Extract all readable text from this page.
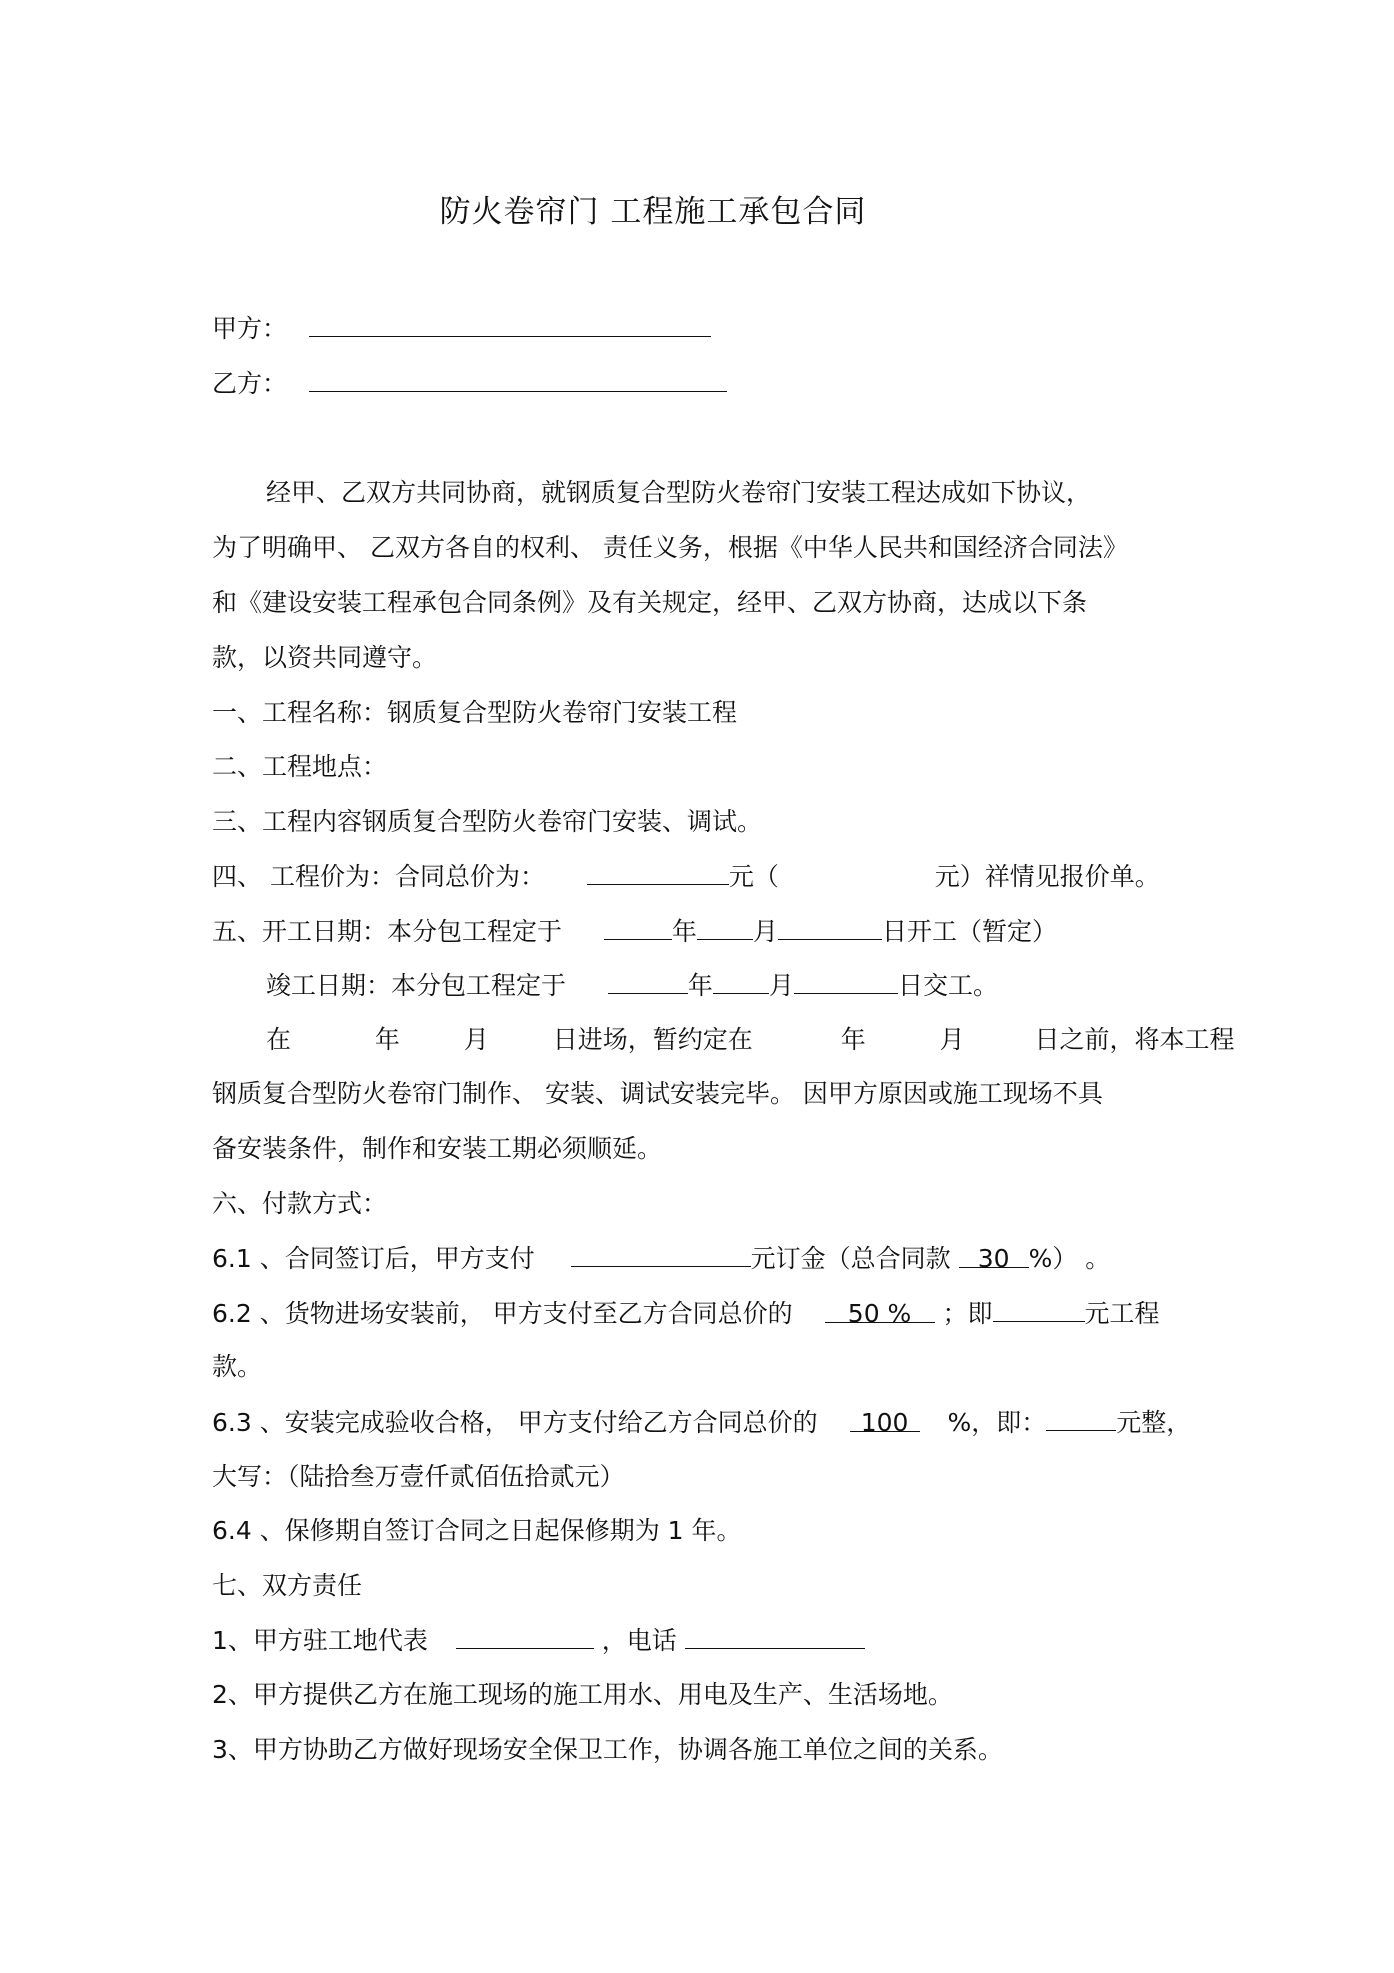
防火卷帘门 工程施工承包合同
甲方：
乙方：
经甲、乙双方共同协商，就钢质复合型防火卷帘门安装工程达成如下协议，
为了明确甲、 乙双方各自的权利、 责任义务，根据《中华人民共和国经济合同法》
和《建设安装工程承包合同条例》及有关规定，经甲、乙双方协商，达成以下条
款，以资共同遵守。
一、工程名称：钢质复合型防火卷帘门安装工程
二、工程地点：
三、工程内容钢质复合型防火卷帘门安装、调试。
四、 工程价为：合同总价为：	元（	元）祥情见报价单。
五、开工日期：本分包工程定于	年 月	日开工（暂定）
竣工日期：本分包工程定于	年 月	日交工。
在	年	月	日进场，暂约定在	年	月	日之前，将本工程
钢质复合型防火卷帘门制作、 安装、调试安装完毕。 因甲方原因或施工现场不具
备安装条件，制作和安装工期必须顺延。
六、付款方式：
6.1 、合同签订后，甲方支付	元订金（总合同款 30 %） 。
6.2 、货物进场安装前， 甲方支付至乙方合同总价的 50 % ；即	元工程
款。
6.3 、安装完成验收合格， 甲方支付给乙方合同总价的 100 %，即：	元整，
大写：（陆拾叁万壹仟贰佰伍拾贰元）
6.4 、保修期自签订合同之日起保修期为 1 年。
七、双方责任
1、甲方驻工地代表	，电话
2、甲方提供乙方在施工现场的施工用水、用电及生产、生活场地。
3、甲方协助乙方做好现场安全保卫工作，协调各施工单位之间的关系。
